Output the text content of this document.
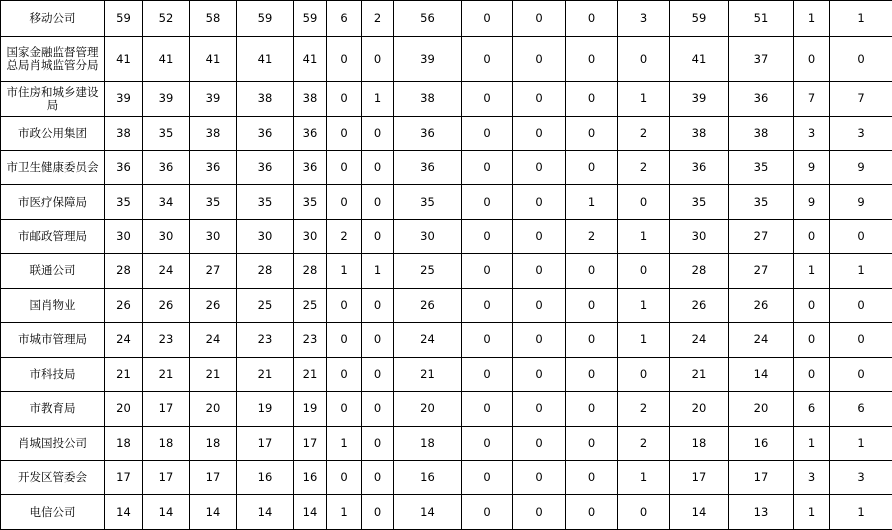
移动公司	59	52	58	59	59	6	2	56	0	0	0	3	59	51	1	1
国家金融监督管理总局肖城监管分局	41	41	41	41	41	0	0	39	0	0	0	0	41	37	0	0
市住房和城乡建设局	39	39	39	38	38	0	1	38	0	0	0	1	39	36	7	7
市政公用集团	38	35	38	36	36	0	0	36	0	0	0	2	38	38	3	3
市卫生健康委员会	36	36	36	36	36	0	0	36	0	0	0	2	36	35	9	9
市医疗保障局	35	34	35	35	35	0	0	35	0	0	1	0	35	35	9	9
市邮政管理局	30	30	30	30	30	2	0	30	0	0	2	1	30	27	0	0
联通公司	28	24	27	28	28	1	1	25	0	0	0	0	28	27	1	1
国肖物业	26	26	26	25	25	0	0	26	0	0	0	1	26	26	0	0
市城市管理局	24	23	24	23	23	0	0	24	0	0	0	1	24	24	0	0
市科技局	21	21	21	21	21	0	0	21	0	0	0	0	21	14	0	0
市教育局	20	17	20	19	19	0	0	20	0	0	0	2	20	20	6	6
肖城国投公司	18	18	18	17	17	1	0	18	0	0	0	2	18	16	1	1
开发区管委会	17	17	17	16	16	0	0	16	0	0	0	1	17	17	3	3
电信公司	14	14	14	14	14	1	0	14	0	0	0	0	14	13	1	1
